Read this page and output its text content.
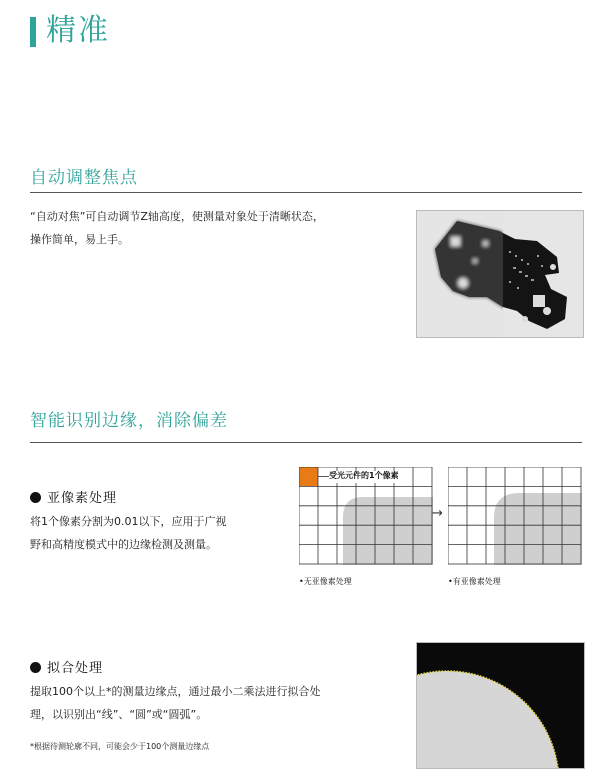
精准
自动调整焦点
“自动对焦”可自动调节Z轴高度，使测量对象处于清晰状态，
操作简单，易上手。
智能识别边缘，消除偏差
亚像素处理
将1个像素分割为0.01以下，应用于广视
野和高精度模式中的边缘检测及测量。
受光元件的1个像素
→
•无亚像素处理	•有亚像素处理
拟合处理
提取100个以上*的测量边缘点，通过最小二乘法进行拟合处
理，以识别出“线”、“圆”或“圆弧”。
*根据待测轮廓不同，可能会少于100个测量边缘点
